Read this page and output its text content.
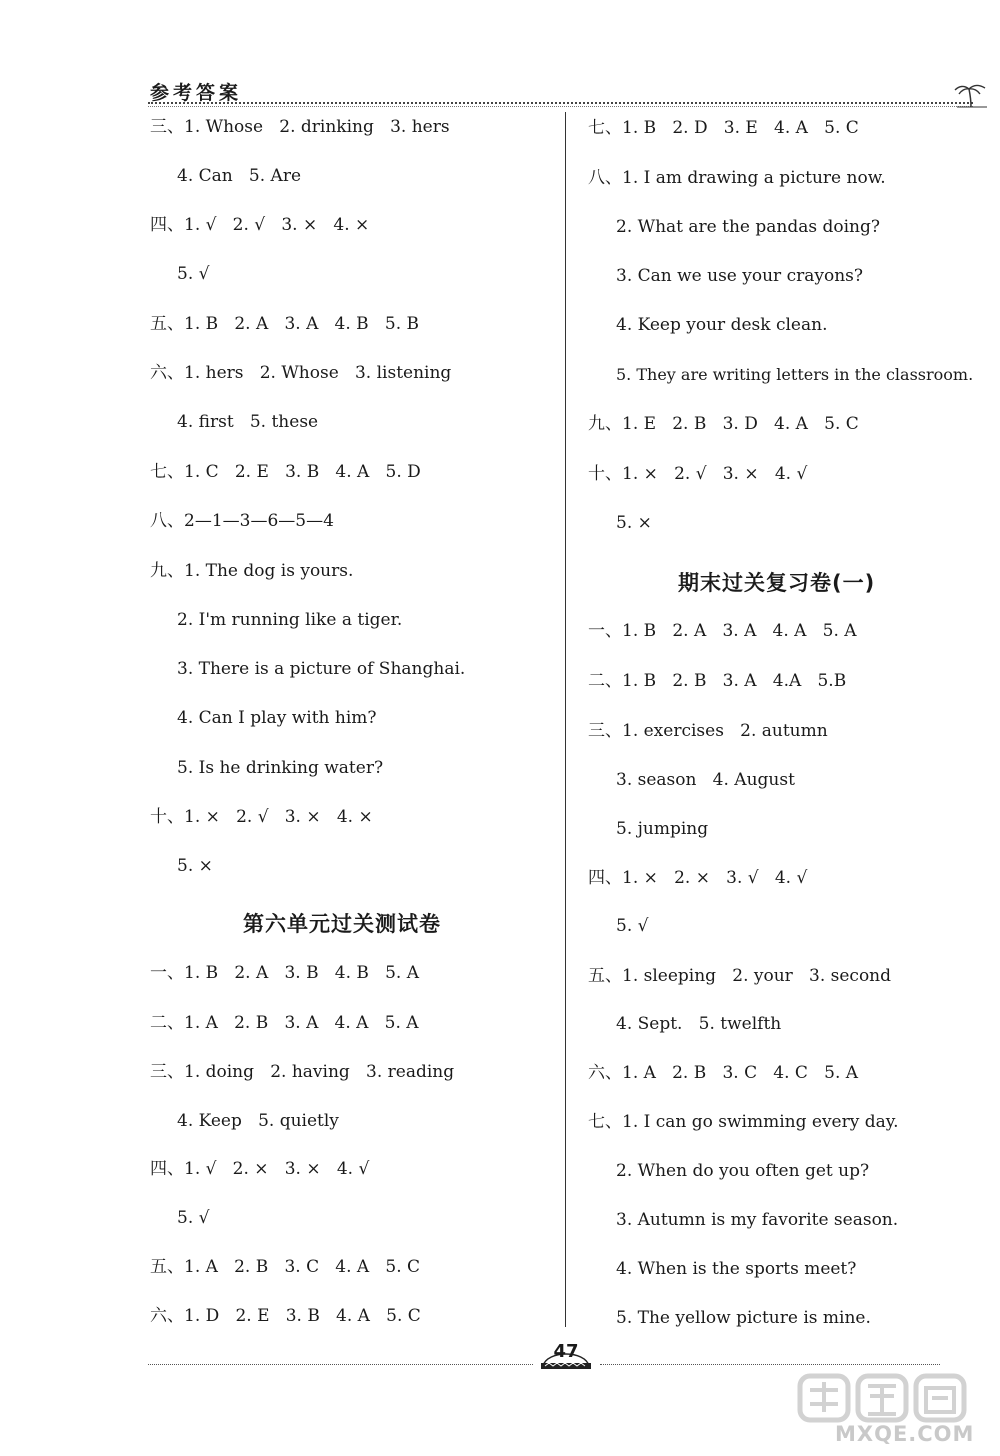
参考答案
三、1. Whose   2. drinking   3. hers
4. Can   5. Are
四、1. √   2. √   3. ×   4. ×
5. √
五、1. B   2. A   3. A   4. B   5. B
六、1. hers   2. Whose   3. listening
4. first   5. these
七、1. C   2. E   3. B   4. A   5. D
八、2—1—3—6—5—4
九、1. The dog is yours.
2. I'm running like a tiger.
3. There is a picture of Shanghai.
4. Can I play with him?
5. Is he drinking water?
十、1. ×   2. √   3. ×   4. ×
5. ×
第六单元过关测试卷
一、1. B   2. A   3. B   4. B   5. A
二、1. A   2. B   3. A   4. A   5. A
三、1. doing   2. having   3. reading
4. Keep   5. quietly
四、1. √   2. ×   3. ×   4. √
5. √
五、1. A   2. B   3. C   4. A   5. C
六、1. D   2. E   3. B   4. A   5. C
七、1. B   2. D   3. E   4. A   5. C
八、1. I am drawing a picture now.
2. What are the pandas doing?
3. Can we use your crayons?
4. Keep your desk clean.
5. They are writing letters in the classroom.
九、1. E   2. B   3. D   4. A   5. C
十、1. ×   2. √   3. ×   4. √
5. ×
期末过关复习卷(一)
一、1. B   2. A   3. A   4. A   5. A
二、1. B   2. B   3. A   4.A   5.B
三、1. exercises   2. autumn
3. season   4. August
5. jumping
四、1. ×   2. ×   3. √   4. √
5. √
五、1. sleeping   2. your   3. second
4. Sept.   5. twelfth
六、1. A   2. B   3. C   4. C   5. A
七、1. I can go swimming every day.
2. When do you often get up?
3. Autumn is my favorite season.
4. When is the sports meet?
5. The yellow picture is mine.
47
MXQE.COM
